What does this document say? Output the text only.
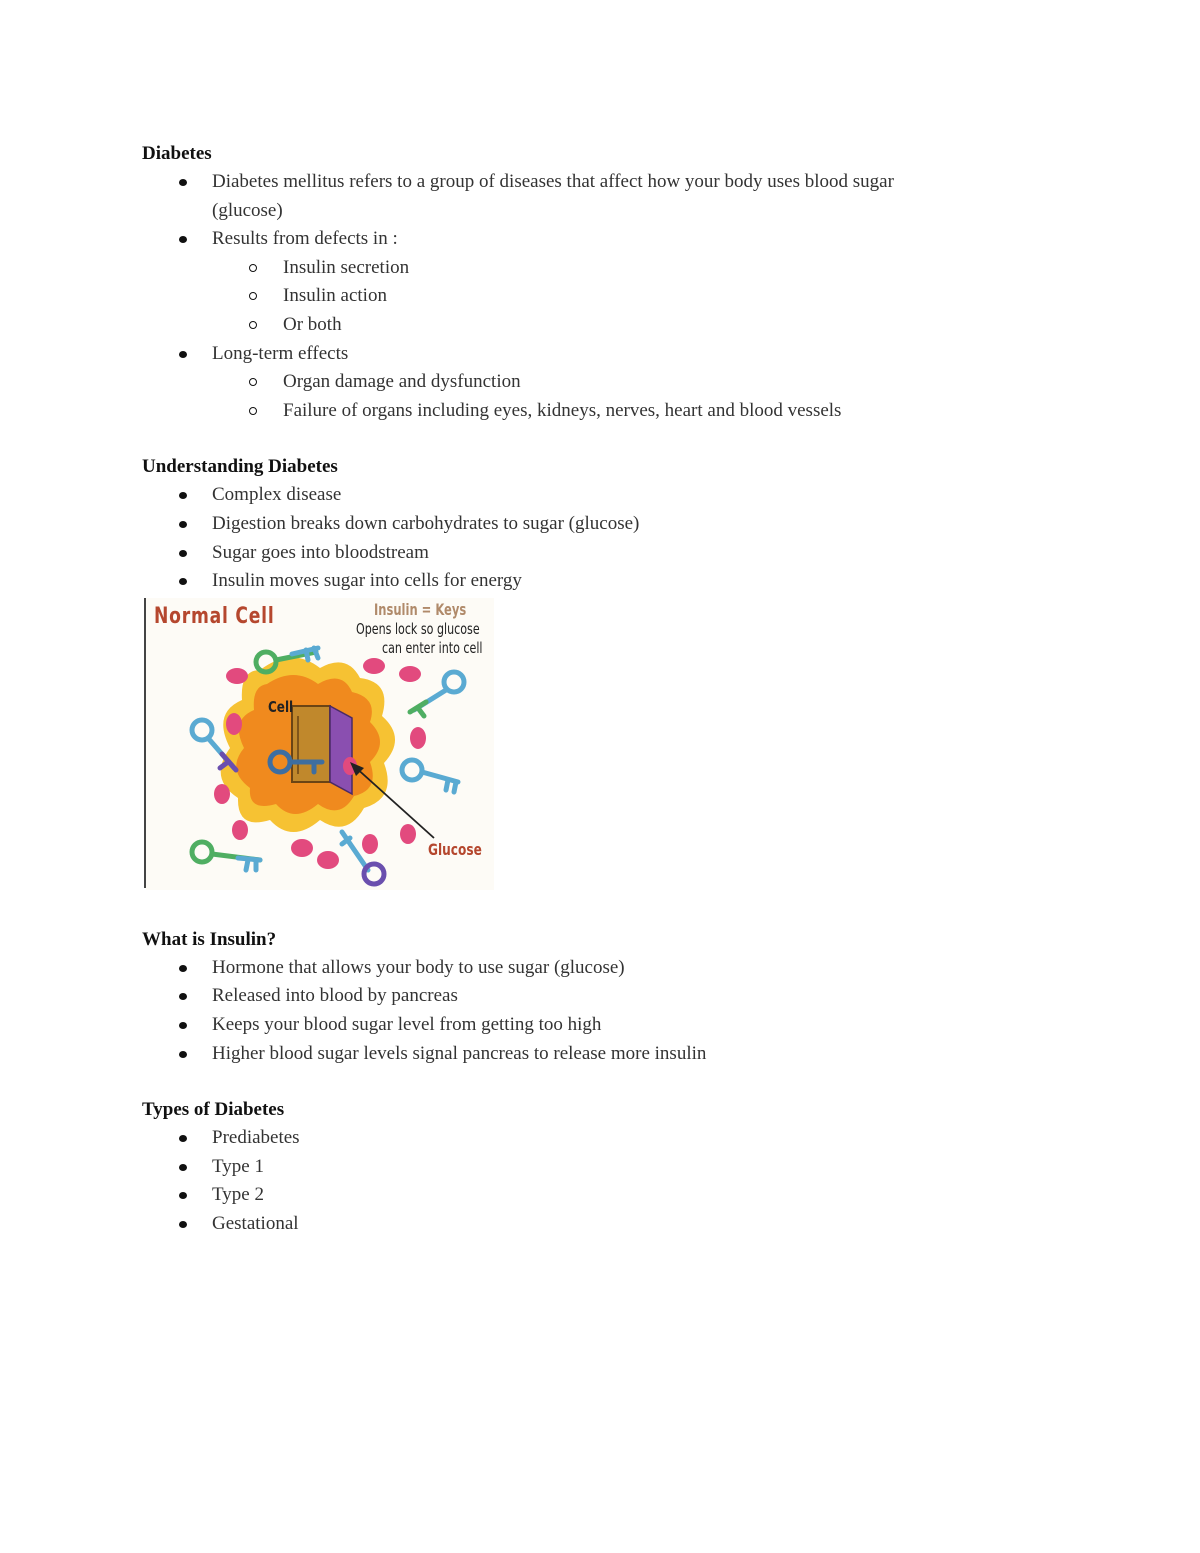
Diabetes
Diabetes mellitus refers to a group of diseases that affect how your body uses blood sugar
(glucose)
Results from defects in :
Insulin secretion
Insulin action
Or both
Long-term effects
Organ damage and dysfunction
Failure of organs including eyes, kidneys, nerves, heart and blood vessels
Understanding Diabetes
Complex disease
Digestion breaks down carbohydrates to sugar (glucose)
Sugar goes into bloodstream
Insulin moves sugar into cells for energy
Normal Cell	Insulin = Keys
Opens lock so glucose
can enter into cell
Cell
Glucose
What is Insulin?
Hormone that allows your body to use sugar (glucose)
Released into blood by pancreas
Keeps your blood sugar level from getting too high
Higher blood sugar levels signal pancreas to release more insulin
Types of Diabetes
Prediabetes
Type 1
Type 2
Gestational
